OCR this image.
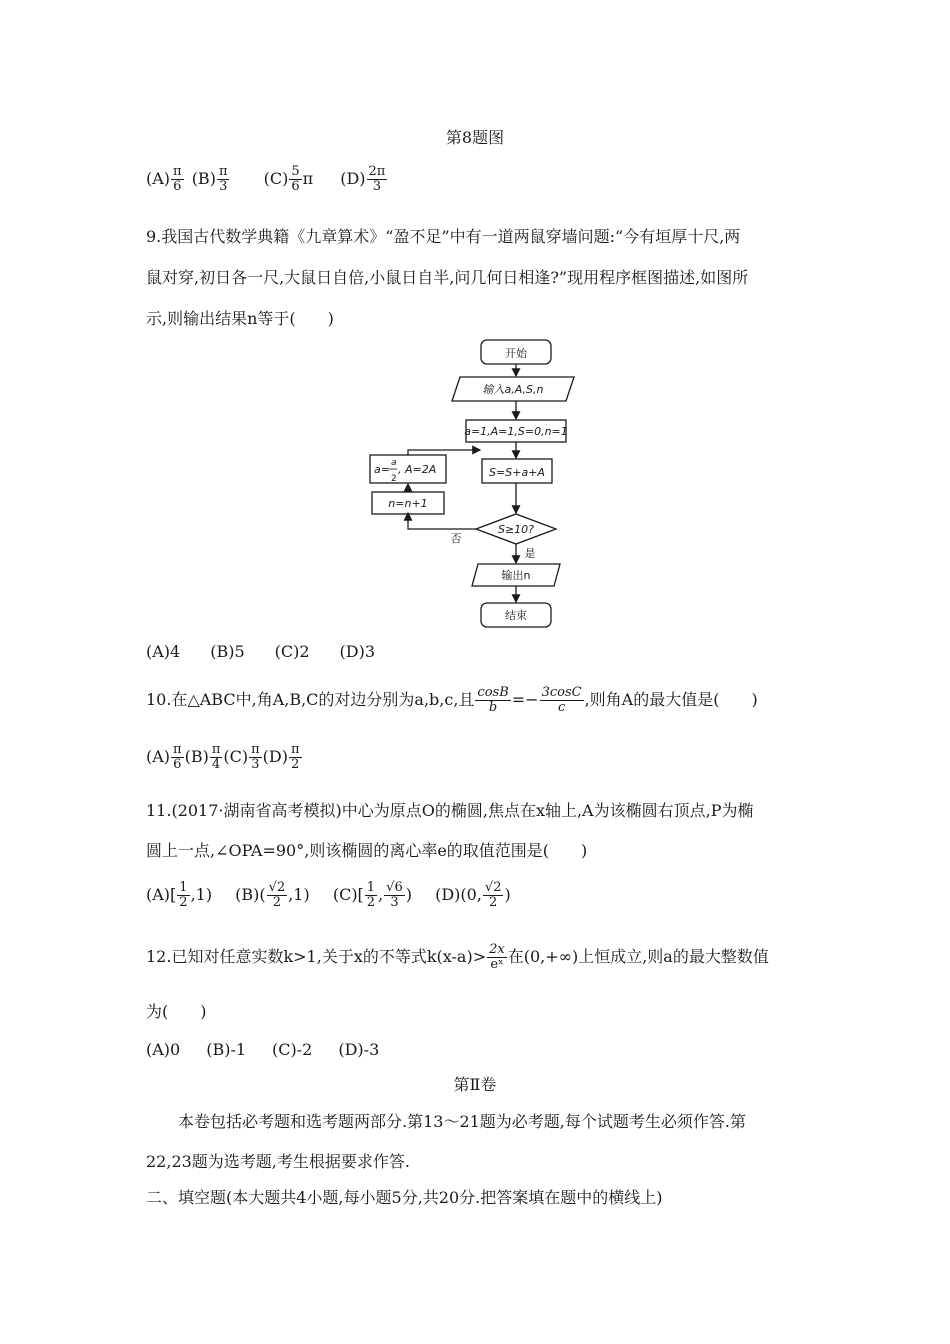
第8题图
$(A) \frac{\pi}{6} (B) \frac{\pi}{3} (C) \frac{5}{6}$ π $(D) \frac{2\pi}{3}$
9.我国古代数学典籍《九章算术》“盈不足”中有一道两鼠穿墙问题:“今有垣厚十尺,两
鼠对穿,初日各一尺,大鼠日自倍,小鼠日自半,问几何日相逢?”现用程序框图描述,如图所
示,则输出结果n等于(　　)
开始
输入a,A,S,n
a=1,A=1,S=0,n=1
S=S+a+A
S≥10?
输出n
结束
n=n+1
否
是
a= a
2
, A=2A
(A)4 (B)5 (C)2 (D)3
10.在△ABC中,角A,B,C的对边分别为a,b,c,且 $\frac{\cos B}{b} =- \frac{3\cos C}{c}$ ,则角A的最大值是(　　)
$(A) \frac{\pi}{6} (B) \frac{\pi}{4} (C) \frac{\pi}{3} (D) \frac{\pi}{2}$
11.(2017·湖南省高考模拟)中心为原点O的椭圆,焦点在x轴上,A为该椭圆右顶点,P为椭
圆上一点,∠OPA=90°,则该椭圆的离心率e的取值范围是(　　)
$(A)[ \frac{1}{2} ,1)$ $(B)( \frac{√2}{2} ,1)$ $(C)[ \frac{1}{2}$ , $\frac{√6}{3}$ ) (D)(0, $\frac{√2}{2}$ )
12.已知对任意实数k>1,关于x的不等式$k(x-a)> \frac{2x}{\text{eˣ}}$ 在(0,+∞)上恒成立,则a的最大整数值
为(　　)
(A)0 (B)-1 (C)-2 (D)-3
第Ⅱ卷
本卷包括必考题和选考题两部分.第13～21题为必考题,每个试题考生必须作答.第
22,23题为选考题,考生根据要求作答.
二、填空题(本大题共4小题,每小题5分,共20分.把答案填在题中的横线上)
